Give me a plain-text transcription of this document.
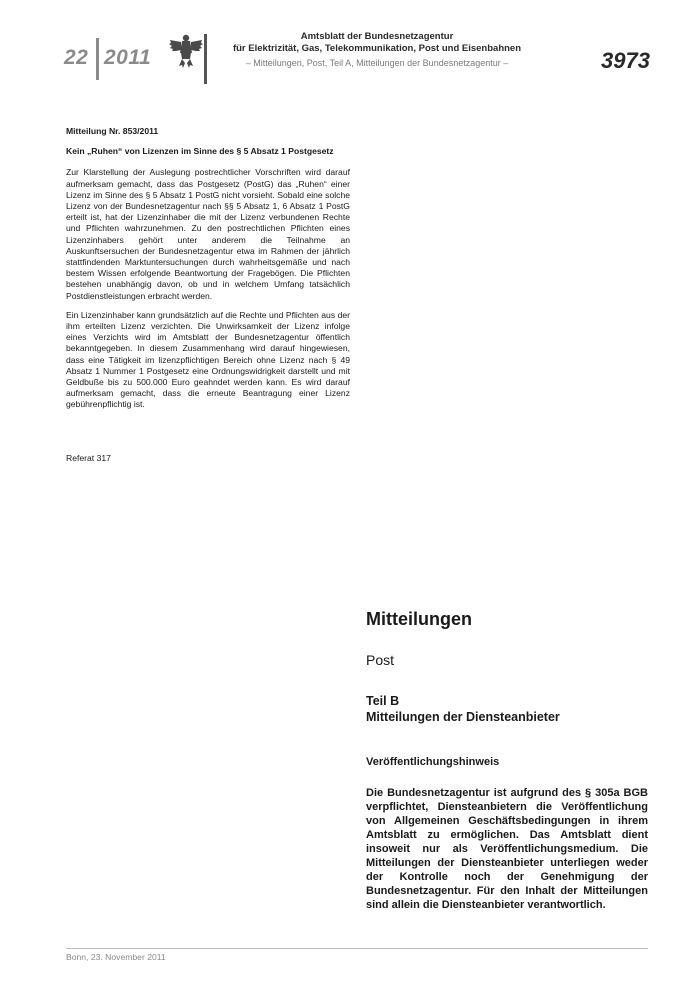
22 2011
Amtsblatt der Bundesnetzagentur
für Elektrizität, Gas, Telekommunikation, Post und Eisenbahnen
– Mitteilungen, Post, Teil A, Mitteilungen der Bundesnetzagentur –	3973
Mitteilung Nr. 853/2011
Kein „Ruhen“ von Lizenzen im Sinne des § 5 Absatz 1 Postgesetz

Zur Klarstellung der Auslegung postrechtlicher Vorschriften wird darauf aufmerksam gemacht, dass das Postgesetz (PostG) das „Ruhen“ einer Lizenz im Sinne des § 5 Absatz 1 PostG nicht vorsieht. Sobald eine solche Lizenz von der Bundesnetzagentur nach §§ 5 Absatz 1, 6 Absatz 1 PostG erteilt ist, hat der Lizenzinhaber die mit der Lizenz verbundenen Rechte und Pflichten wahrzunehmen. Zu den postrechtlichen Pflichten eines Lizenzinhabers gehört unter anderem die Teilnahme an Auskunftsersuchen der Bundesnetzagentur etwa im Rahmen der jährlich stattfindenden Marktuntersuchungen durch wahrheitsgemäße und nach bestem Wissen erfolgende Beantwortung der Fragebögen. Die Pflichten bestehen unabhängig davon, ob und in welchem Umfang tatsächlich Postdienstleistungen erbracht werden.

Ein Lizenzinhaber kann grundsätzlich auf die Rechte und Pflichten aus der ihm erteilten Lizenz verzichten. Die Unwirksamkeit der Lizenz infolge eines Verzichts wird im Amtsblatt der Bundesnetzagentur öffentlich bekanntgegeben. In diesem Zusammenhang wird darauf hingewiesen, dass eine Tätigkeit im lizenzpflichtigen Bereich ohne Lizenz nach § 49 Absatz 1 Nummer 1 Postgesetz eine Ordnungswidrigkeit darstellt und mit Geldbuße bis zu 500.000 Euro geahndet werden kann. Es wird darauf aufmerksam gemacht, dass die erneute Beantragung einer Lizenz gebührenpflichtig ist.

Referat 317
Mitteilungen
Post
Teil B
Mitteilungen der Diensteanbieter
Veröffentlichungshinweis

Die Bundesnetzagentur ist aufgrund des § 305a BGB verpflichtet, Diensteanbietern die Veröffentlichung von Allgemeinen Geschäftsbedingungen in ihrem Amtsblatt zu ermöglichen. Das Amtsblatt dient insoweit nur als Veröffentlichungsmedium. Die Mitteilungen der Diensteanbieter unterliegen weder der Kontrolle noch der Genehmigung der Bundesnetzagentur. Für den Inhalt der Mitteilungen sind allein die Diensteanbieter verantwortlich.

Bonn, 23. November 2011
